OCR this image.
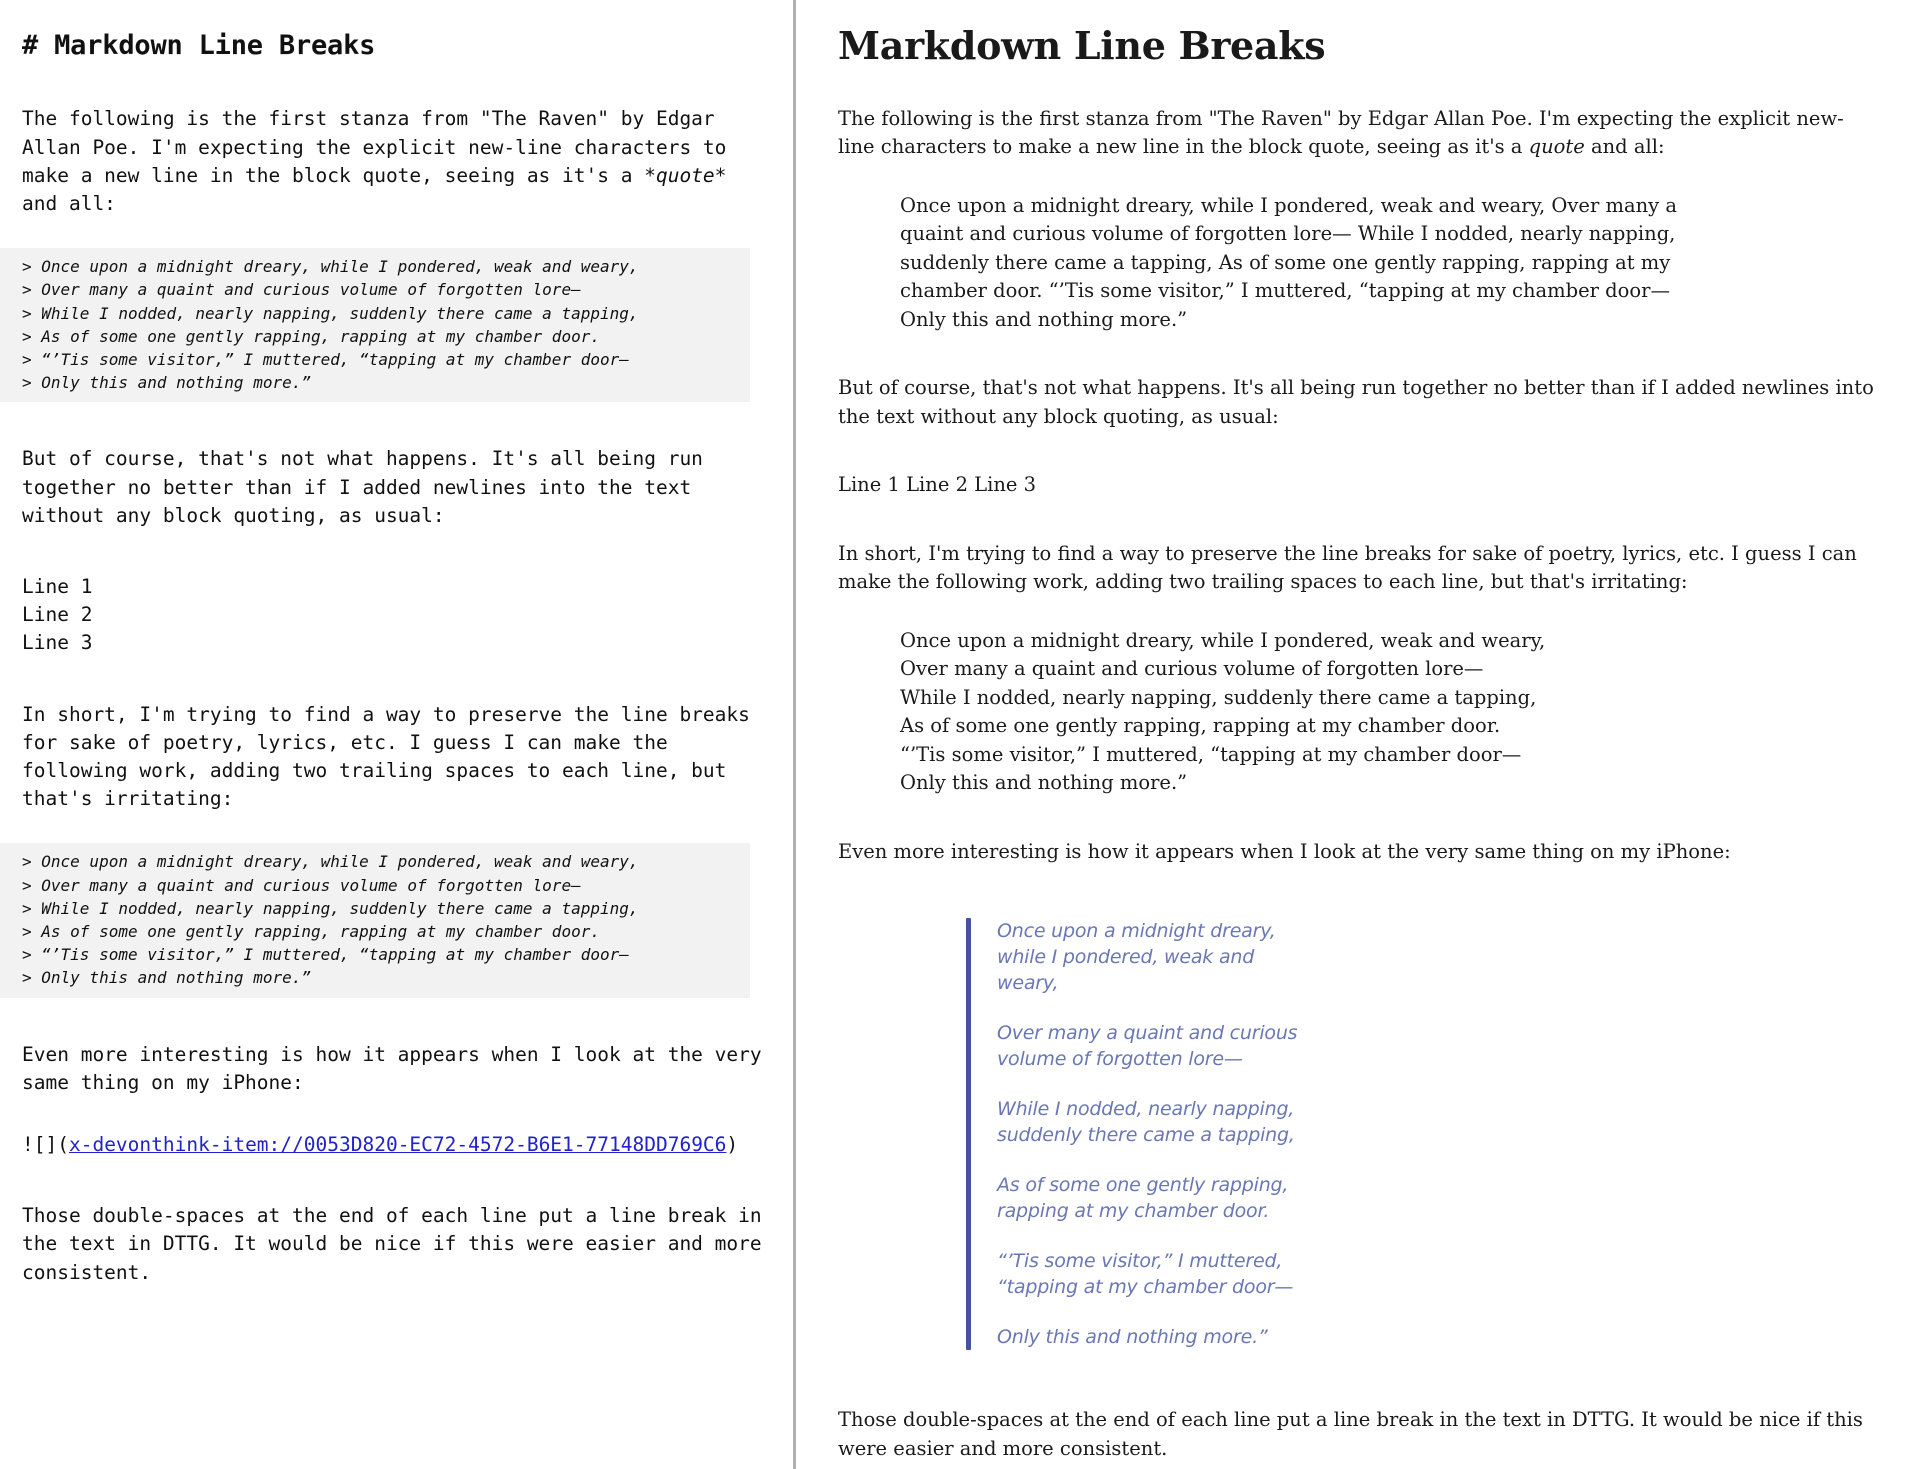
# Markdown Line Breaks
The following is the first stanza from "The Raven" by Edgar Allan Poe. I'm expecting the explicit new-line characters to make a new line in the block quote, seeing as it's a *quote* and all:
> Once upon a midnight dreary, while I pondered, weak and weary,
> Over many a quaint and curious volume of forgotten lore—
> While I nodded, nearly napping, suddenly there came a tapping,
> As of some one gently rapping, rapping at my chamber door.
> “’Tis some visitor,” I muttered, “tapping at my chamber door—
> Only this and nothing more.”
But of course, that's not what happens. It's all being run together no better than if I added newlines into the text without any block quoting, as usual:
Line 1
Line 2
Line 3
In short, I'm trying to find a way to preserve the line breaks for sake of poetry, lyrics, etc. I guess I can make the following work, adding two trailing spaces to each line, but that's irritating:
> Once upon a midnight dreary, while I pondered, weak and weary,
> Over many a quaint and curious volume of forgotten lore—
> While I nodded, nearly napping, suddenly there came a tapping,
> As of some one gently rapping, rapping at my chamber door.
> “’Tis some visitor,” I muttered, “tapping at my chamber door—
> Only this and nothing more.”
Even more interesting is how it appears when I look at the very same thing on my iPhone:
![](x-devonthink-item://0053D820-EC72-4572-B6E1-77148DD769C6)
Those double-spaces at the end of each line put a line break in the text in DTTG. It would be nice if this were easier and more consistent.
Markdown Line Breaks

The following is the first stanza from "The Raven" by Edgar Allan Poe. I'm expecting the explicit new-line characters to make a new line in the block quote, seeing as it's a quote and all:

Once upon a midnight dreary, while I pondered, weak and weary, Over many a quaint and curious volume of forgotten lore— While I nodded, nearly napping, suddenly there came a tapping, As of some one gently rapping, rapping at my chamber door. “’Tis some visitor,” I muttered, “tapping at my chamber door— Only this and nothing more.”

But of course, that's not what happens. It's all being run together no better than if I added newlines into the text without any block quoting, as usual:

Line 1 Line 2 Line 3

In short, I'm trying to find a way to preserve the line breaks for sake of poetry, lyrics, etc. I guess I can make the following work, adding two trailing spaces to each line, but that's irritating:

Once upon a midnight dreary, while I pondered, weak and weary,
Over many a quaint and curious volume of forgotten lore—
While I nodded, nearly napping, suddenly there came a tapping,
As of some one gently rapping, rapping at my chamber door.
“’Tis some visitor,” I muttered, “tapping at my chamber door—
Only this and nothing more.”

Even more interesting is how it appears when I look at the very same thing on my iPhone:

Once upon a midnight dreary,
while I pondered, weak and
weary,
Over many a quaint and curious
volume of forgotten lore—
While I nodded, nearly napping,
suddenly there came a tapping,
As of some one gently rapping,
rapping at my chamber door.
“’Tis some visitor,” I muttered,
“tapping at my chamber door—
Only this and nothing more.”

Those double-spaces at the end of each line put a line break in the text in DTTG. It would be nice if this were easier and more consistent.
